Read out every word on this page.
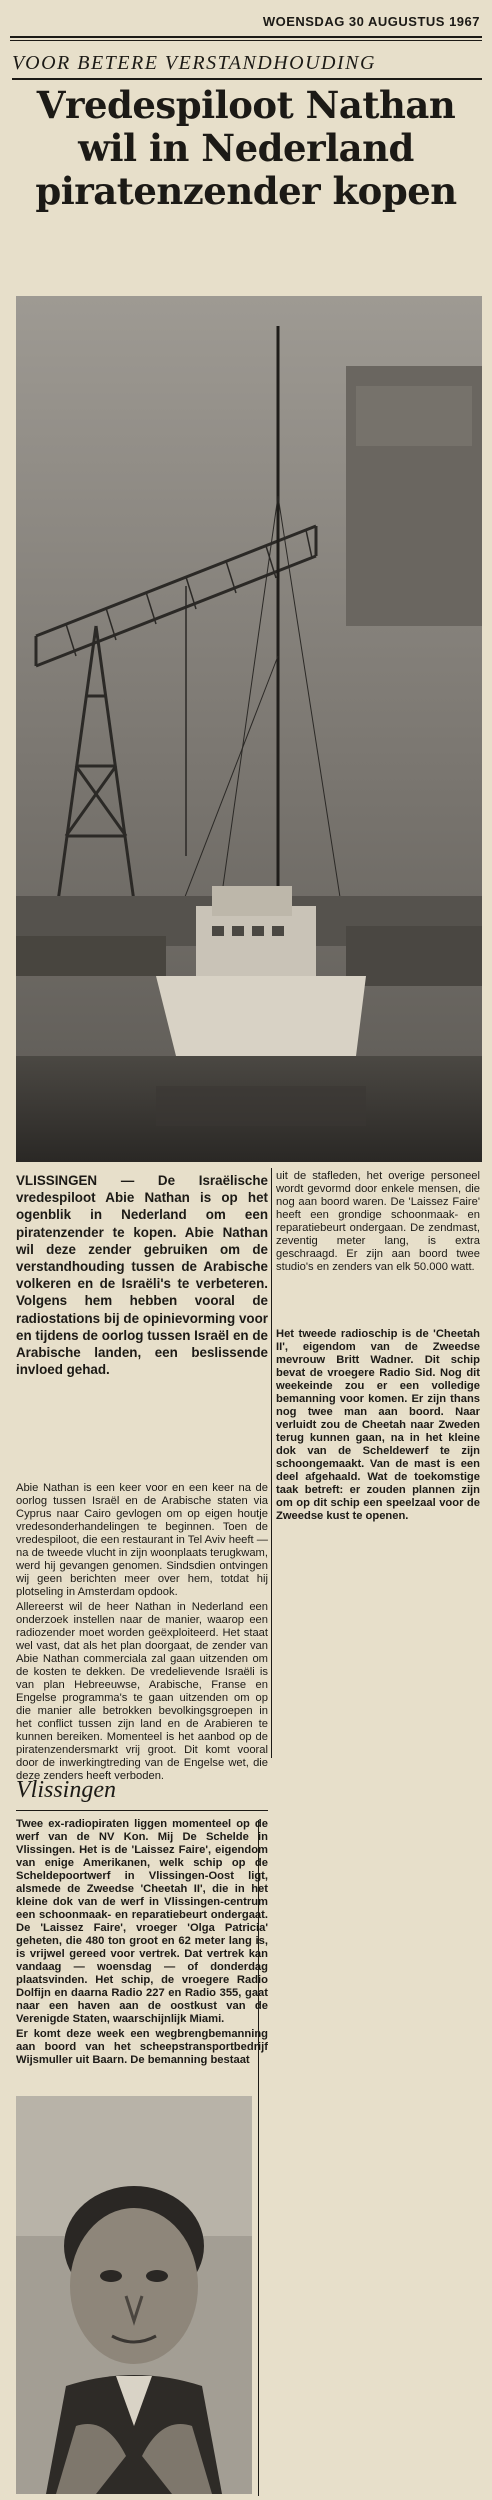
WOENSDAG 30 AUGUSTUS 1967
VOOR BETERE VERSTANDHOUDING
Vredespiloot Nathan
wil in Nederland
piratenzender kopen
VLISSINGEN — De Israëlische vredespiloot Abie Nathan is op het ogenblik in Nederland om een piratenzender te kopen. Abie Nathan wil deze zender gebruiken om de verstandhouding tussen de Arabische volkeren en de Israëli's te verbeteren. Volgens hem hebben vooral de radiostations bij de opinievorming voor en tijdens de oorlog tussen Israël en de Arabische landen, een beslissende invloed gehad.
uit de stafleden, het overige personeel wordt gevormd door enkele mensen, die nog aan boord waren. De 'Laissez Faire' heeft een grondige schoonmaak- en reparatiebeurt ondergaan. De zendmast, zeventig meter lang, is extra geschraagd. Er zijn aan boord twee studio's en zenders van elk 50.000 watt.
Het tweede radioschip is de 'Cheetah II', eigendom van de Zweedse mevrouw Britt Wadner. Dit schip bevat de vroegere Radio Sid. Nog dit weekeinde zou er een volledige bemanning voor komen. Er zijn thans nog twee man aan boord. Naar verluidt zou de Cheetah naar Zweden terug kunnen gaan, na in het kleine dok van de Scheldewerf te zijn schoongemaakt. Van de mast is een deel afgehaald. Wat de toekomstige taak betreft: er zouden plannen zijn om op dit schip een speelzaal voor de Zweedse kust te openen.

Abie Nathan is een keer voor en een keer na de oorlog tussen Israël en de Arabische staten via Cyprus naar Cairo gevlogen om op eigen houtje vredesonderhandelingen te beginnen. Toen de vredespiloot, die een restaurant in Tel Aviv heeft — na de tweede vlucht in zijn woonplaats terugkwam, werd hij gevangen genomen. Sindsdien ontvingen wij geen berichten meer over hem, totdat hij plotseling in Amsterdam opdook.

Allereerst wil de heer Nathan in Nederland een onderzoek instellen naar de manier, waarop een radiozender moet worden geëxploiteerd. Het staat wel vast, dat als het plan doorgaat, de zender van Abie Nathan commerciala zal gaan uitzenden om de kosten te dekken. De vredelievende Israëli is van plan Hebreeuwse, Arabische, Franse en Engelse programma's te gaan uitzenden om op die manier alle betrokken bevolkingsgroepen in het conflict tussen zijn land en de Arabieren te kunnen bereiken. Momenteel is het aanbod op de piratenzendersmarkt vrij groot. Dit komt vooral door de inwerkingtreding van de Engelse wet, die deze zenders heeft verboden.

Vlissingen

Twee ex-radiopiraten liggen momenteel op de werf van de NV Kon. Mij De Schelde in Vlissingen. Het is de 'Laissez Faire', eigendom van enige Amerikanen, welk schip op de Scheldepoortwerf in Vlissingen-Oost ligt, alsmede de Zweedse 'Cheetah II', die in het kleine dok van de werf in Vlissingen-centrum een schoonmaak- en reparatiebeurt ondergaat. De 'Laissez Faire', vroeger 'Olga Patricia' geheten, die 480 ton groot en 62 meter lang is, is vrijwel gereed voor vertrek. Dat vertrek kan vandaag — woensdag — of donderdag plaatsvinden. Het schip, de vroegere Radio Dolfijn en daarna Radio 227 en Radio 355, gaat naar een haven aan de oostkust van de Verenigde Staten, waarschijnlijk Miami.

Er komt deze week een wegbrengbemanning aan boord van het scheepstransportbedrijf Wijsmuller uit Baarn. De bemanning bestaat
